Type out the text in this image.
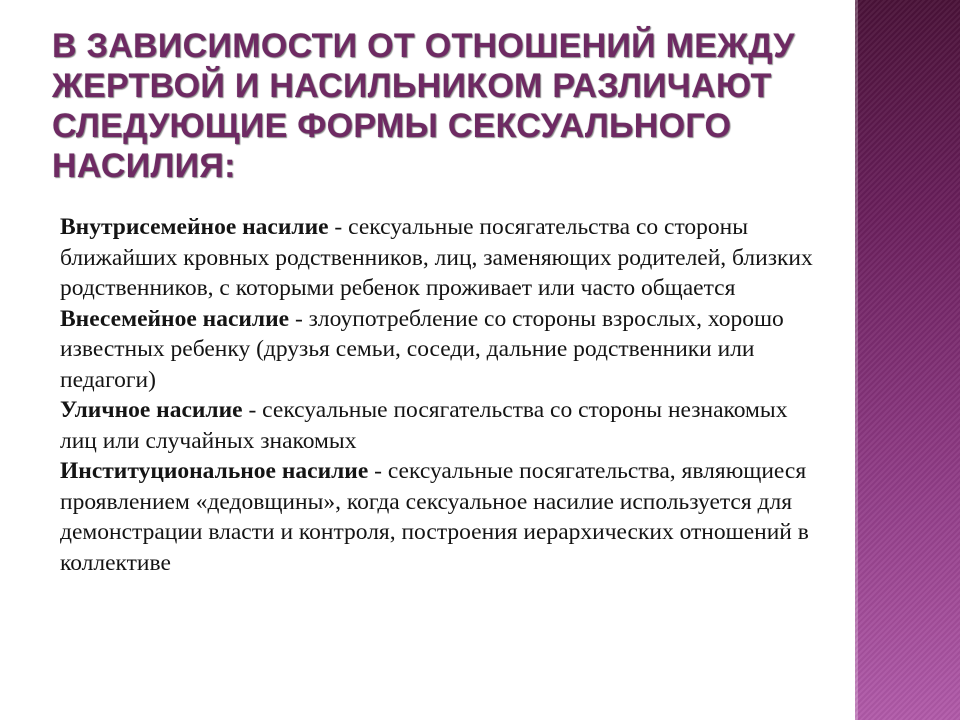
В ЗАВИСИМОСТИ ОТ ОТНОШЕНИЙ МЕЖДУ ЖЕРТВОЙ И НАСИЛЬНИКОМ РАЗЛИЧАЮТ СЛЕДУЮЩИЕ ФОРМЫ СЕКСУАЛЬНОГО НАСИЛИЯ:

Внутрисемейное насилие - сексуальные посягательства со стороны ближайших кровных родственников, лиц, заменяющих родителей, близких родственников, с которыми ребенок проживает или часто общается

Внесемейное насилие - злоупотребление со стороны взрослых, хорошо известных ребенку (друзья семьи, соседи, дальние родственники или педагоги)

Уличное насилие - сексуальные посягательства со стороны незнакомых лиц или случайных знакомых

Институциональное насилие - сексуальные посягательства, являющиеся проявлением «дедовщины», когда сексуальное насилие используется для демонстрации власти и контроля, построения иерархических отношений в коллективе
